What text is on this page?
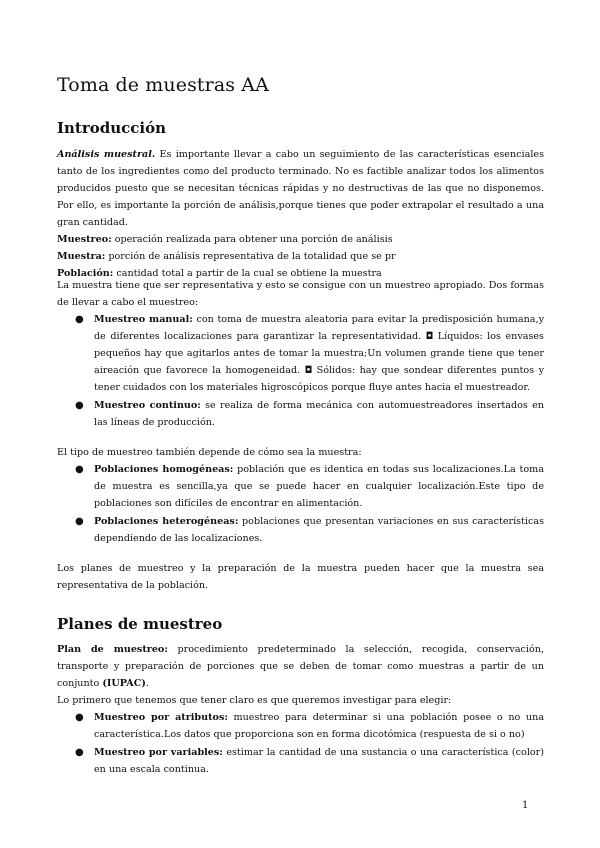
Toma de muestras AA
Introducción

Análisis muestral. Es importante llevar a cabo un seguimiento de las características esenciales tanto de los ingredientes como del producto terminado. No es factible analizar todos los alimentos producidos puesto que se necesitan técnicas rápidas y no destructivas de las que no disponemos. Por ello, es importante la porción de análisis,porque tienes que poder extrapolar el resultado a una gran cantidad.

Muestreo: operación realizada para obtener una porción de análisis

Muestra: porción de análisis representativa de la totalidad que se pr

Población: cantidad total a partir de la cual se obtiene la muestra

La muestra tiene que ser representativa y esto se consigue con un muestreo apropiado. Dos formas de llevar a cabo el muestreo:

● Muestreo manual: con toma de muestra aleatoria para evitar la predisposición humana,y de diferentes localizaciones para garantizar la representatividad. ◘ Líquidos: los envases pequeños hay que agitarlos antes de tomar la muestra;Un volumen grande tiene que tener aireación que favorece la homogeneidad. ◘ Sólidos: hay que sondear diferentes puntos y tener cuidados con los materiales higroscópicos porque fluye antes hacia el muestreador.
● Muestreo continuo: se realiza de forma mecánica con automuestreadores insertados en las líneas de producción.

El tipo de muestreo también depende de cómo sea la muestra:

● Poblaciones homogéneas: población que es identica en todas sus localizaciones.La toma de muestra es sencilla,ya que se puede hacer en cualquier localización.Este tipo de poblaciones son difíciles de encontrar en alimentación.
● Poblaciones heterogéneas: poblaciones que presentan variaciones en sus características dependiendo de las localizaciones.

Los planes de muestreo y la preparación de la muestra pueden hacer que la muestra sea representativa de la población.

Planes de muestreo

Plan de muestreo: procedimiento predeterminado la selección, recogida, conservación, transporte y preparación de porciones que se deben de tomar como muestras a partir de un conjunto (IUPAC).

Lo primero que tenemos que tener claro es que queremos investigar para elegir:

● Muestreo por atributos: muestreo para determinar si una población posee o no una característica.Los datos que proporciona son en forma dicotómica (respuesta de si o no)
● Muestreo por variables: estimar la cantidad de una sustancia o una característica (color) en una escala continua.
1
